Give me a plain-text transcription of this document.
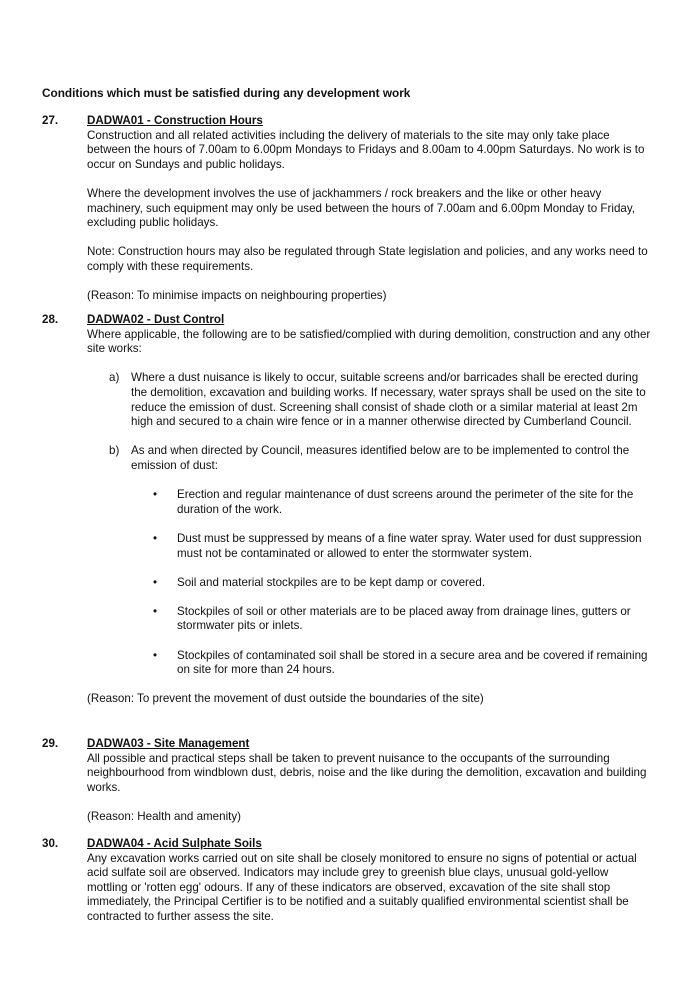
Conditions which must be satisfied during any development work
27. DADWA01 - Construction Hours

Construction and all related activities including the delivery of materials to the site may only take place between the hours of 7.00am to 6.00pm Mondays to Fridays and 8.00am to 4.00pm Saturdays. No work is to occur on Sundays and public holidays.

Where the development involves the use of jackhammers / rock breakers and the like or other heavy machinery, such equipment may only be used between the hours of 7.00am and 6.00pm Monday to Friday, excluding public holidays.

Note: Construction hours may also be regulated through State legislation and policies, and any works need to comply with these requirements.

(Reason: To minimise impacts on neighbouring properties)

28. DADWA02 - Dust Control

Where applicable, the following are to be satisfied/complied with during demolition, construction and any other site works:

a) Where a dust nuisance is likely to occur, suitable screens and/or barricades shall be erected during the demolition, excavation and building works. If necessary, water sprays shall be used on the site to reduce the emission of dust. Screening shall consist of shade cloth or a similar material at least 2m high and secured to a chain wire fence or in a manner otherwise directed by Cumberland Council.

b) As and when directed by Council, measures identified below are to be implemented to control the emission of dust:

• Erection and regular maintenance of dust screens around the perimeter of the site for the duration of the work.

• Dust must be suppressed by means of a fine water spray. Water used for dust suppression must not be contaminated or allowed to enter the stormwater system.

• Soil and material stockpiles are to be kept damp or covered.

• Stockpiles of soil or other materials are to be placed away from drainage lines, gutters or stormwater pits or inlets.

• Stockpiles of contaminated soil shall be stored in a secure area and be covered if remaining on site for more than 24 hours.

(Reason: To prevent the movement of dust outside the boundaries of the site)

29. DADWA03 - Site Management

All possible and practical steps shall be taken to prevent nuisance to the occupants of the surrounding neighbourhood from windblown dust, debris, noise and the like during the demolition, excavation and building works.

(Reason: Health and amenity)

30. DADWA04 - Acid Sulphate Soils

Any excavation works carried out on site shall be closely monitored to ensure no signs of potential or actual acid sulfate soil are observed. Indicators may include grey to greenish blue clays, unusual gold-yellow mottling or 'rotten egg' odours. If any of these indicators are observed, excavation of the site shall stop immediately, the Principal Certifier is to be notified and a suitably qualified environmental scientist shall be contracted to further assess the site.
